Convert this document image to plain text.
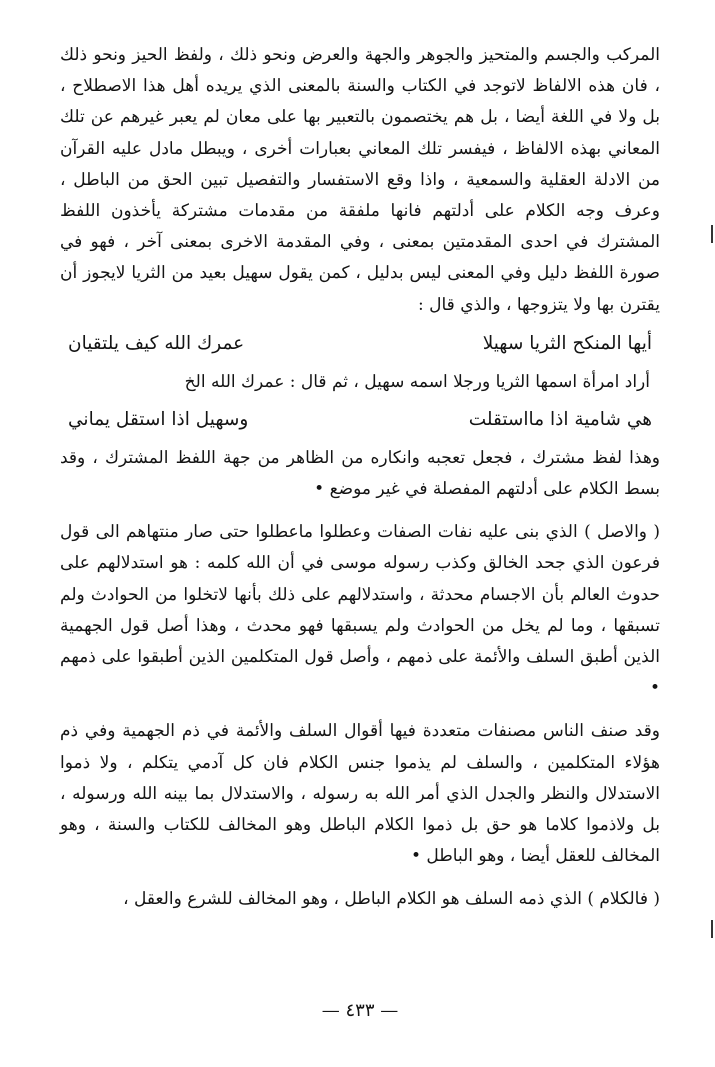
المركب والجسم والمتحيز والجوهر والجهة والعرض ونحو ذلك ، ولفظ الحيز ونحو ذلك ، فان هذه الالفاظ لاتوجد في الكتاب والسنة بالمعنى الذي يريده أهل هذا الاصطلاح ، بل ولا في اللغة أيضا ، بل هم يختصمون بالتعبير بها على معان لم يعبر غيرهم عن تلك المعاني بهذه الالفاظ ، فيفسر تلك المعاني بعبارات أخرى ، ويبطل مادل عليه القرآن من الادلة العقلية والسمعية ، واذا وقع الاستفسار والتفصيل تبين الحق من الباطل ، وعرف وجه الكلام على أدلتهم فانها ملفقة من مقدمات مشتركة يأخذون اللفظ المشترك في احدى المقدمتين بمعنى ، وفي المقدمة الاخرى بمعنى آخر ، فهو في صورة اللفظ دليل وفي المعنى ليس بدليل ، كمن يقول سهيل بعيد من الثريا لايجوز أن يقترن بها ولا يتزوجها ، والذي قال :

أيها المنكح الثريا سهيلا
عمرك الله كيف يلتقيان
أراد امرأة اسمها الثريا ورجلا اسمه سهيل ، ثم قال : عمرك الله الخ
هي شامية اذا مااستقلت
وسهيل اذا استقل يماني

وهذا لفظ مشترك ، فجعل تعجبه وانكاره من الظاهر من جهة اللفظ المشترك ، وقد بسط الكلام على أدلتهم المفصلة في غير موضع •

( والاصل ) الذي بنى عليه نفات الصفات وعطلوا ماعطلوا حتى صار منتهاهم الى قول فرعون الذي جحد الخالق وكذب رسوله موسى في أن الله كلمه : هو استدلالهم على حدوث العالم بأن الاجسام محدثة ، واستدلالهم على ذلك بأنها لاتخلوا من الحوادث ولم تسبقها ، وما لم يخل من الحوادث ولم يسبقها فهو محدث ، وهذا أصل قول الجهمية الذين أطبق السلف والأئمة على ذمهم ، وأصل قول المتكلمين الذين أطبقوا على ذمهم •

وقد صنف الناس مصنفات متعددة فيها أقوال السلف والأئمة في ذم الجهمية وفي ذم هؤلاء المتكلمين ، والسلف لم يذموا جنس الكلام فان كل آدمي يتكلم ، ولا ذموا الاستدلال والنظر والجدل الذي أمر الله به رسوله ، والاستدلال بما بينه الله ورسوله ، بل ولاذموا كلاما هو حق بل ذموا الكلام الباطل وهو المخالف للكتاب والسنة ، وهو المخالف للعقل أيضا ، وهو الباطل •

( فالكلام ) الذي ذمه السلف هو الكلام الباطل ، وهو المخالف للشرع والعقل ،

— ٤٣٣ —
